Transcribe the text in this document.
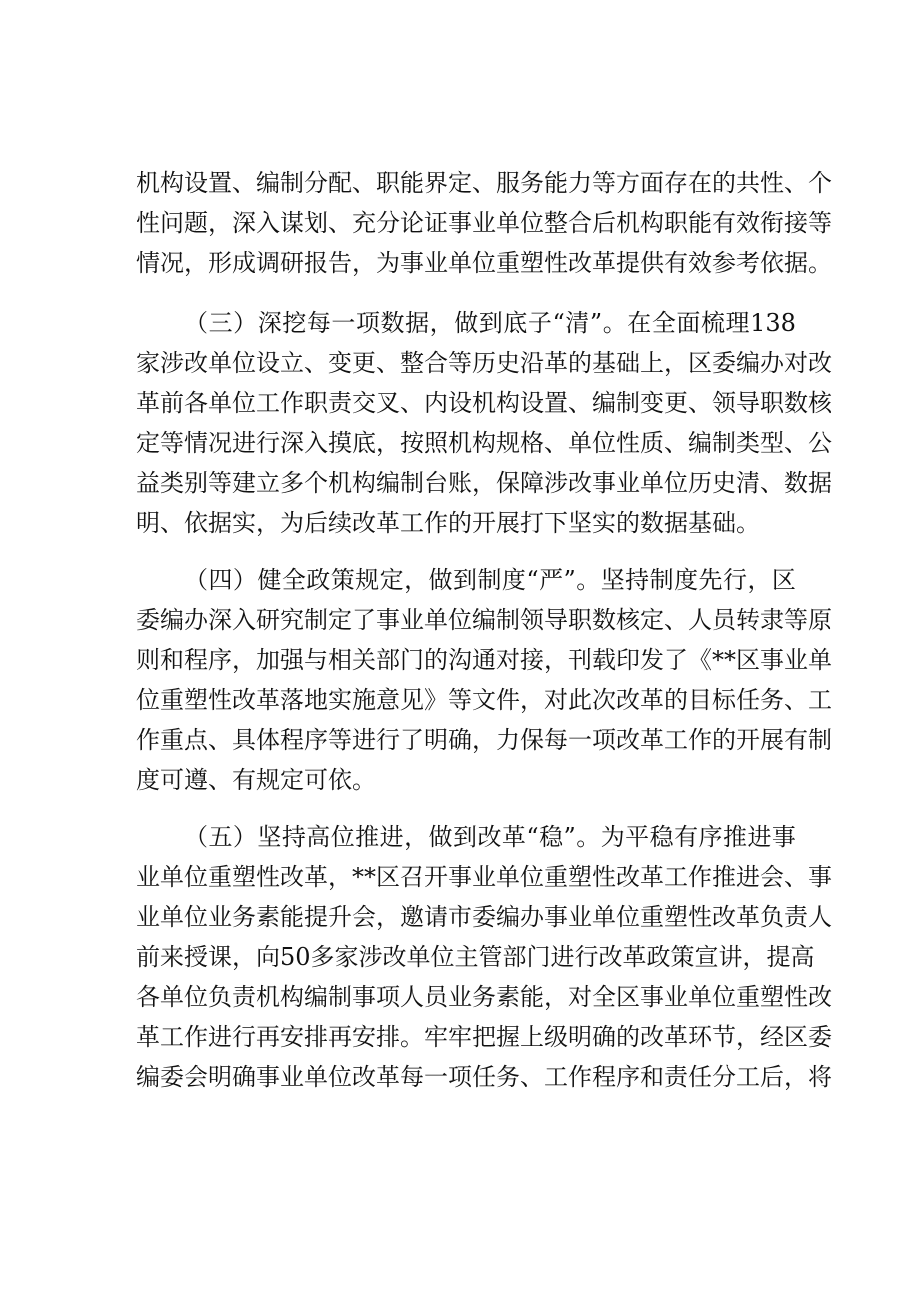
机 构 设 置 、 编 制 分 配 、 职 能 界 定 、 服 务 能 力 等 方 面 存 在 的 共 性 、 个
性 问 题 ， 深 入 谋 划 、 充 分 论 证 事 业 单 位 整 合 后 机 构 职 能 有 效 衔 接 等
情 况 ， 形 成 调 研 报 告 ， 为 事 业 单 位 重 塑 性 改 革 提 供 有 效 参 考 依 据 。
（ 三 ） 深 挖 每 一 项 数 据 ， 做 到 底 子 “ 清 ” 。 在 全 面 梳 理 138
家 涉 改 单 位 设 立 、 变 更 、 整 合 等 历 史 沿 革 的 基 础 上 ， 区 委 编 办 对 改
革 前 各 单 位 工 作 职 责 交 叉 、 内 设 机 构 设 置 、 编 制 变 更 、 领 导 职 数 核
定 等 情 况 进 行 深 入 摸 底 ， 按 照 机 构 规 格 、 单 位 性 质 、 编 制 类 型 、 公
益 类 别 等 建 立 多 个 机 构 编 制 台 账 ， 保 障 涉 改 事 业 单 位 历 史 清 、 数 据
明 、 依 据 实 ， 为 后 续 改 革 工 作 的 开 展 打 下 坚 实 的 数 据 基 础 。
（ 四 ） 健 全 政 策 规 定 ， 做 到 制 度 “ 严 ” 。 坚 持 制 度 先 行 ， 区
委 编 办 深 入 研 究 制 定 了 事 业 单 位 编 制 领 导 职 数 核 定 、 人 员 转 隶 等 原
则 和 程 序 ， 加 强 与 相 关 部 门 的 沟 通 对 接 ， 刊 载 印 发 了 《 ** 区 事 业 单
位 重 塑 性 改 革 落 地 实 施 意 见 》 等 文 件 ， 对 此 次 改 革 的 目 标 任 务 、 工
作 重 点 、 具 体 程 序 等 进 行 了 明 确 ， 力 保 每 一 项 改 革 工 作 的 开 展 有 制
度 可 遵 、 有 规 定 可 依 。
（ 五 ） 坚 持 高 位 推 进 ， 做 到 改 革 “ 稳 ” 。 为 平 稳 有 序 推 进 事
业 单 位 重 塑 性 改 革 ， ** 区 召 开 事 业 单 位 重 塑 性 改 革 工 作 推 进 会 、 事
业 单 位 业 务 素 能 提 升 会 ， 邀 请 市 委 编 办 事 业 单 位 重 塑 性 改 革 负 责 人
前 来 授 课 ， 向 50 多 家 涉 改 单 位 主 管 部 门 进 行 改 革 政 策 宣 讲 ， 提 高
各 单 位 负 责 机 构 编 制 事 项 人 员 业 务 素 能 ， 对 全 区 事 业 单 位 重 塑 性 改
革 工 作 进 行 再 安 排 再 安 排 。 牢 牢 把 握 上 级 明 确 的 改 革 环 节 ， 经 区 委
编 委 会 明 确 事 业 单 位 改 革 每 一 项 任 务 、 工 作 程 序 和 责 任 分 工 后 ， 将
